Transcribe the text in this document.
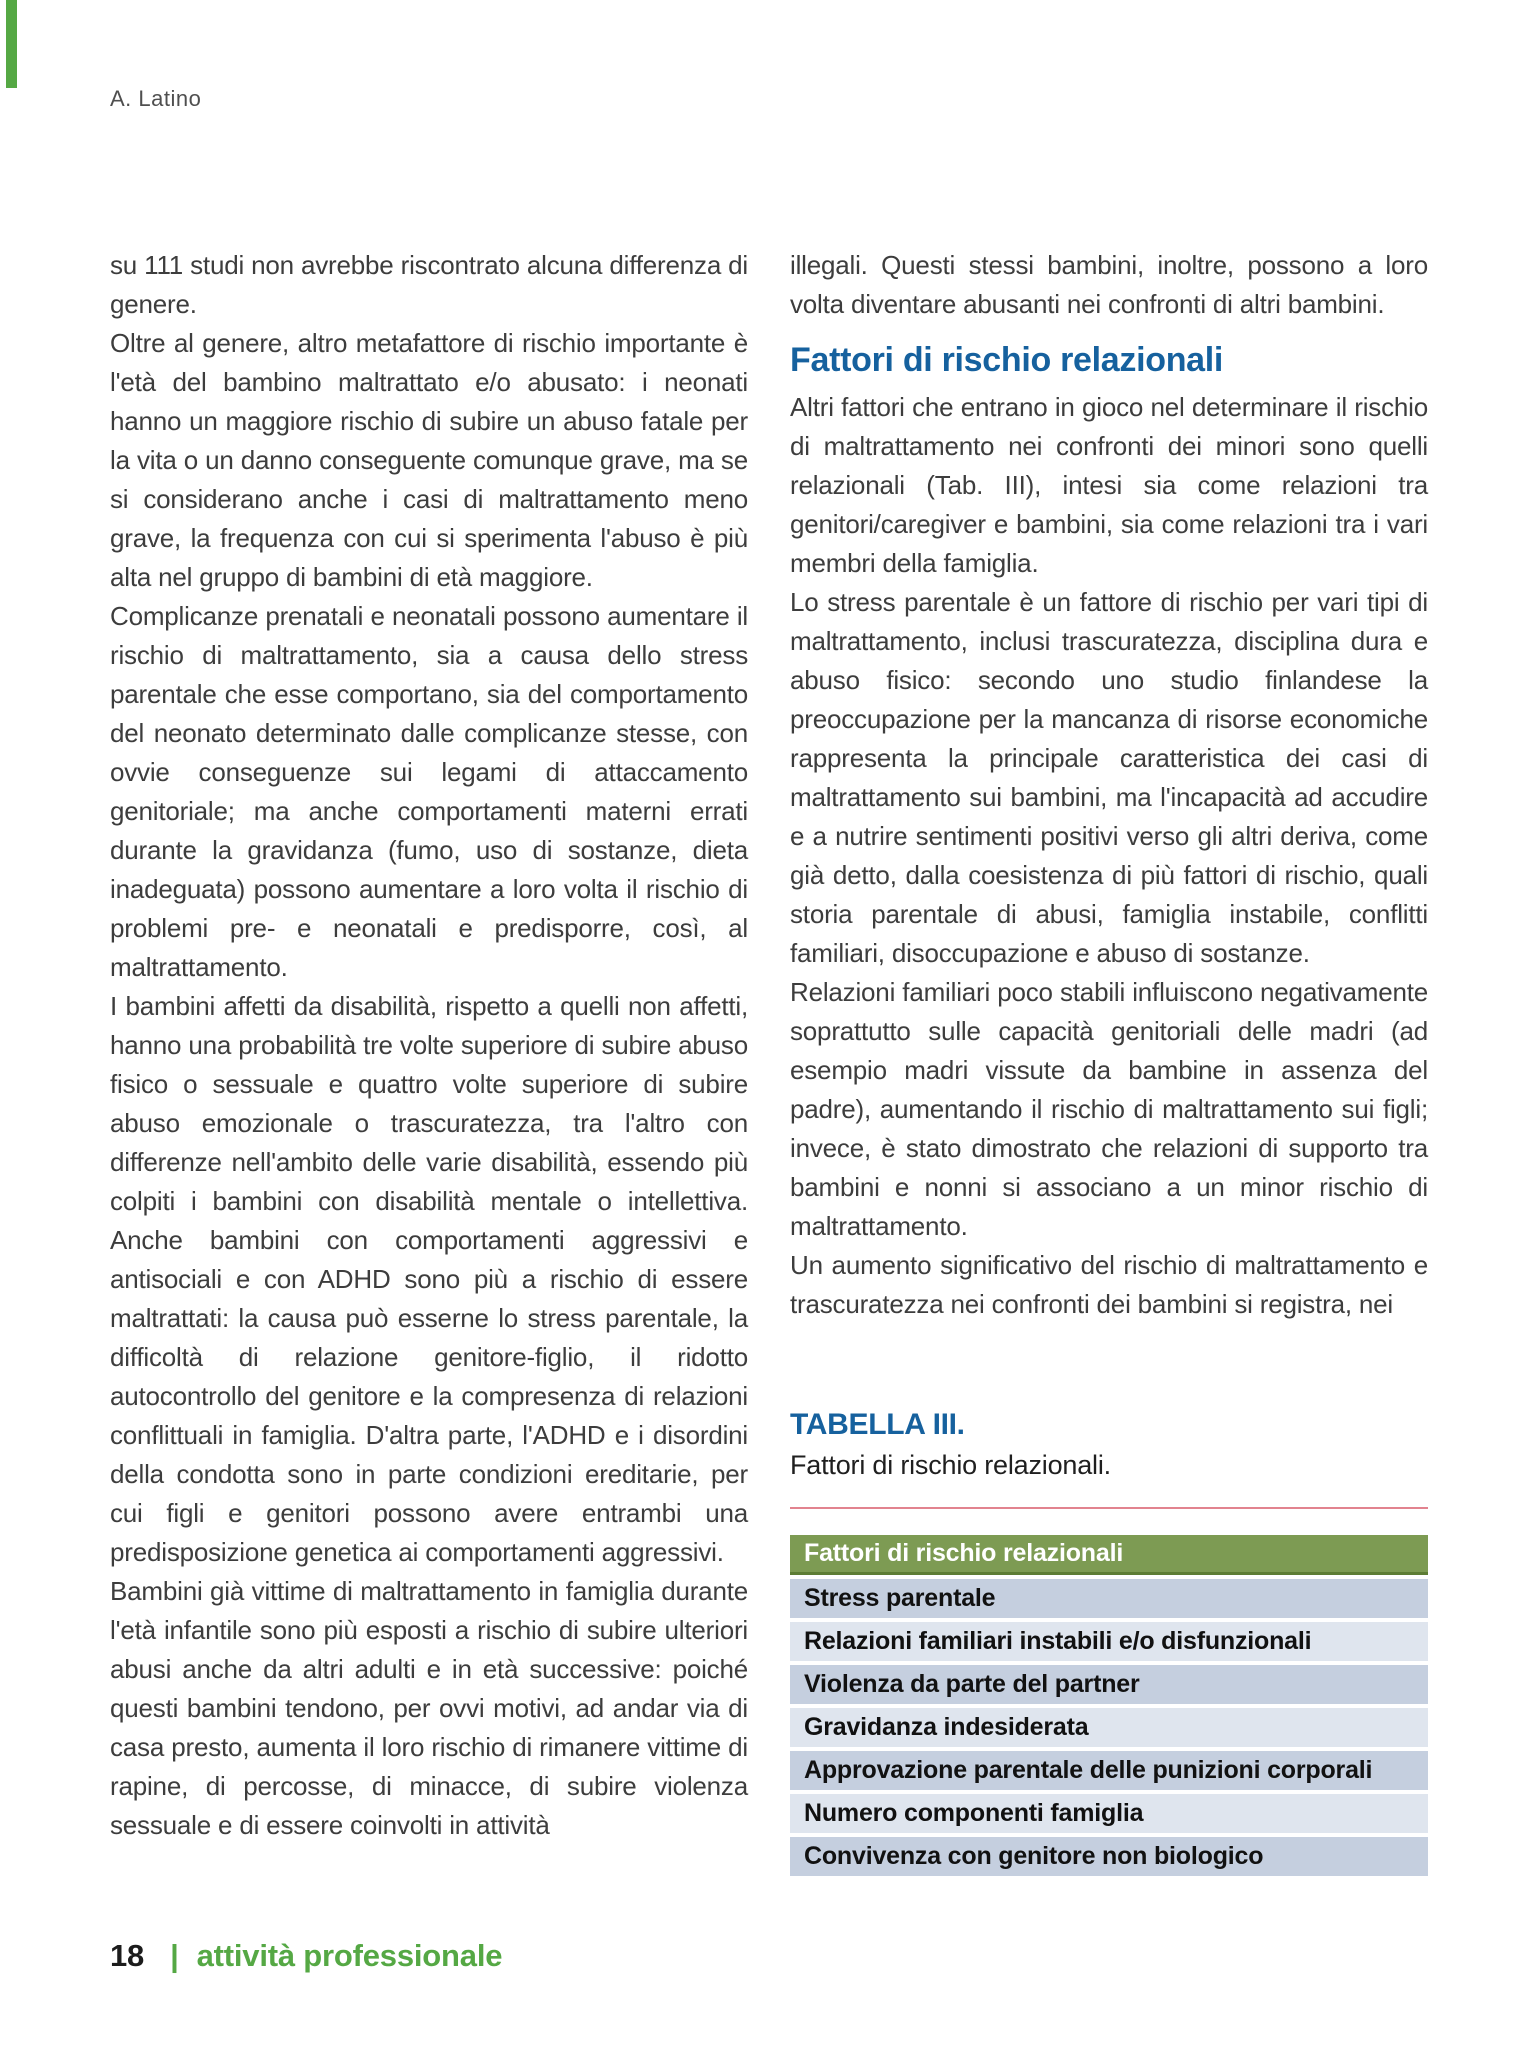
A. Latino

su 111 studi non avrebbe riscontrato alcuna differenza di genere.

Oltre al genere, altro metafattore di rischio importante è l'età del bambino maltrattato e/o abusato: i neonati hanno un maggiore rischio di subire un abuso fatale per la vita o un danno conseguente comunque grave, ma se si considerano anche i casi di maltrattamento meno grave, la frequenza con cui si sperimenta l'abuso è più alta nel gruppo di bambini di età maggiore.

Complicanze prenatali e neonatali possono aumentare il rischio di maltrattamento, sia a causa dello stress parentale che esse comportano, sia del comportamento del neonato determinato dalle complicanze stesse, con ovvie conseguenze sui legami di attaccamento genitoriale; ma anche comportamenti materni errati durante la gravidanza (fumo, uso di sostanze, dieta inadeguata) possono aumentare a loro volta il rischio di problemi pre- e neonatali e predisporre, così, al maltrattamento.

I bambini affetti da disabilità, rispetto a quelli non affetti, hanno una probabilità tre volte superiore di subire abuso fisico o sessuale e quattro volte superiore di subire abuso emozionale o trascuratezza, tra l'altro con differenze nell'ambito delle varie disabilità, essendo più colpiti i bambini con disabilità mentale o intellettiva. Anche bambini con comportamenti aggressivi e antisociali e con ADHD sono più a rischio di essere maltrattati: la causa può esserne lo stress parentale, la difficoltà di relazione genitore-figlio, il ridotto autocontrollo del genitore e la compresenza di relazioni conflittuali in famiglia. D'altra parte, l'ADHD e i disordini della condotta sono in parte condizioni ereditarie, per cui figli e genitori possono avere entrambi una predisposizione genetica ai comportamenti aggressivi.

Bambini già vittime di maltrattamento in famiglia durante l'età infantile sono più esposti a rischio di subire ulteriori abusi anche da altri adulti e in età successive: poiché questi bambini tendono, per ovvi motivi, ad andar via di casa presto, aumenta il loro rischio di rimanere vittime di rapine, di percosse, di minacce, di subire violenza sessuale e di essere coinvolti in attività

illegali. Questi stessi bambini, inoltre, possono a loro volta diventare abusanti nei confronti di altri bambini.

Fattori di rischio relazionali

Altri fattori che entrano in gioco nel determinare il rischio di maltrattamento nei confronti dei minori sono quelli relazionali (Tab. III), intesi sia come relazioni tra genitori/caregiver e bambini, sia come relazioni tra i vari membri della famiglia.

Lo stress parentale è un fattore di rischio per vari tipi di maltrattamento, inclusi trascuratezza, disciplina dura e abuso fisico: secondo uno studio finlandese la preoccupazione per la mancanza di risorse economiche rappresenta la principale caratteristica dei casi di maltrattamento sui bambini, ma l'incapacità ad accudire e a nutrire sentimenti positivi verso gli altri deriva, come già detto, dalla coesistenza di più fattori di rischio, quali storia parentale di abusi, famiglia instabile, conflitti familiari, disoccupazione e abuso di sostanze.

Relazioni familiari poco stabili influiscono negativamente soprattutto sulle capacità genitoriali delle madri (ad esempio madri vissute da bambine in assenza del padre), aumentando il rischio di maltrattamento sui figli; invece, è stato dimostrato che relazioni di supporto tra bambini e nonni si associano a un minor rischio di maltrattamento.

Un aumento significativo del rischio di maltrattamento e trascuratezza nei confronti dei bambini si registra, nei

TABELLA III.
Fattori di rischio relazionali.
Fattori di rischio relazionali
Stress parentale
Relazioni familiari instabili e/o disfunzionali
Violenza da parte del partner
Gravidanza indesiderata
Approvazione parentale delle punizioni corporali
Numero componenti famiglia
Convivenza con genitore non biologico
18 | attività professionale
